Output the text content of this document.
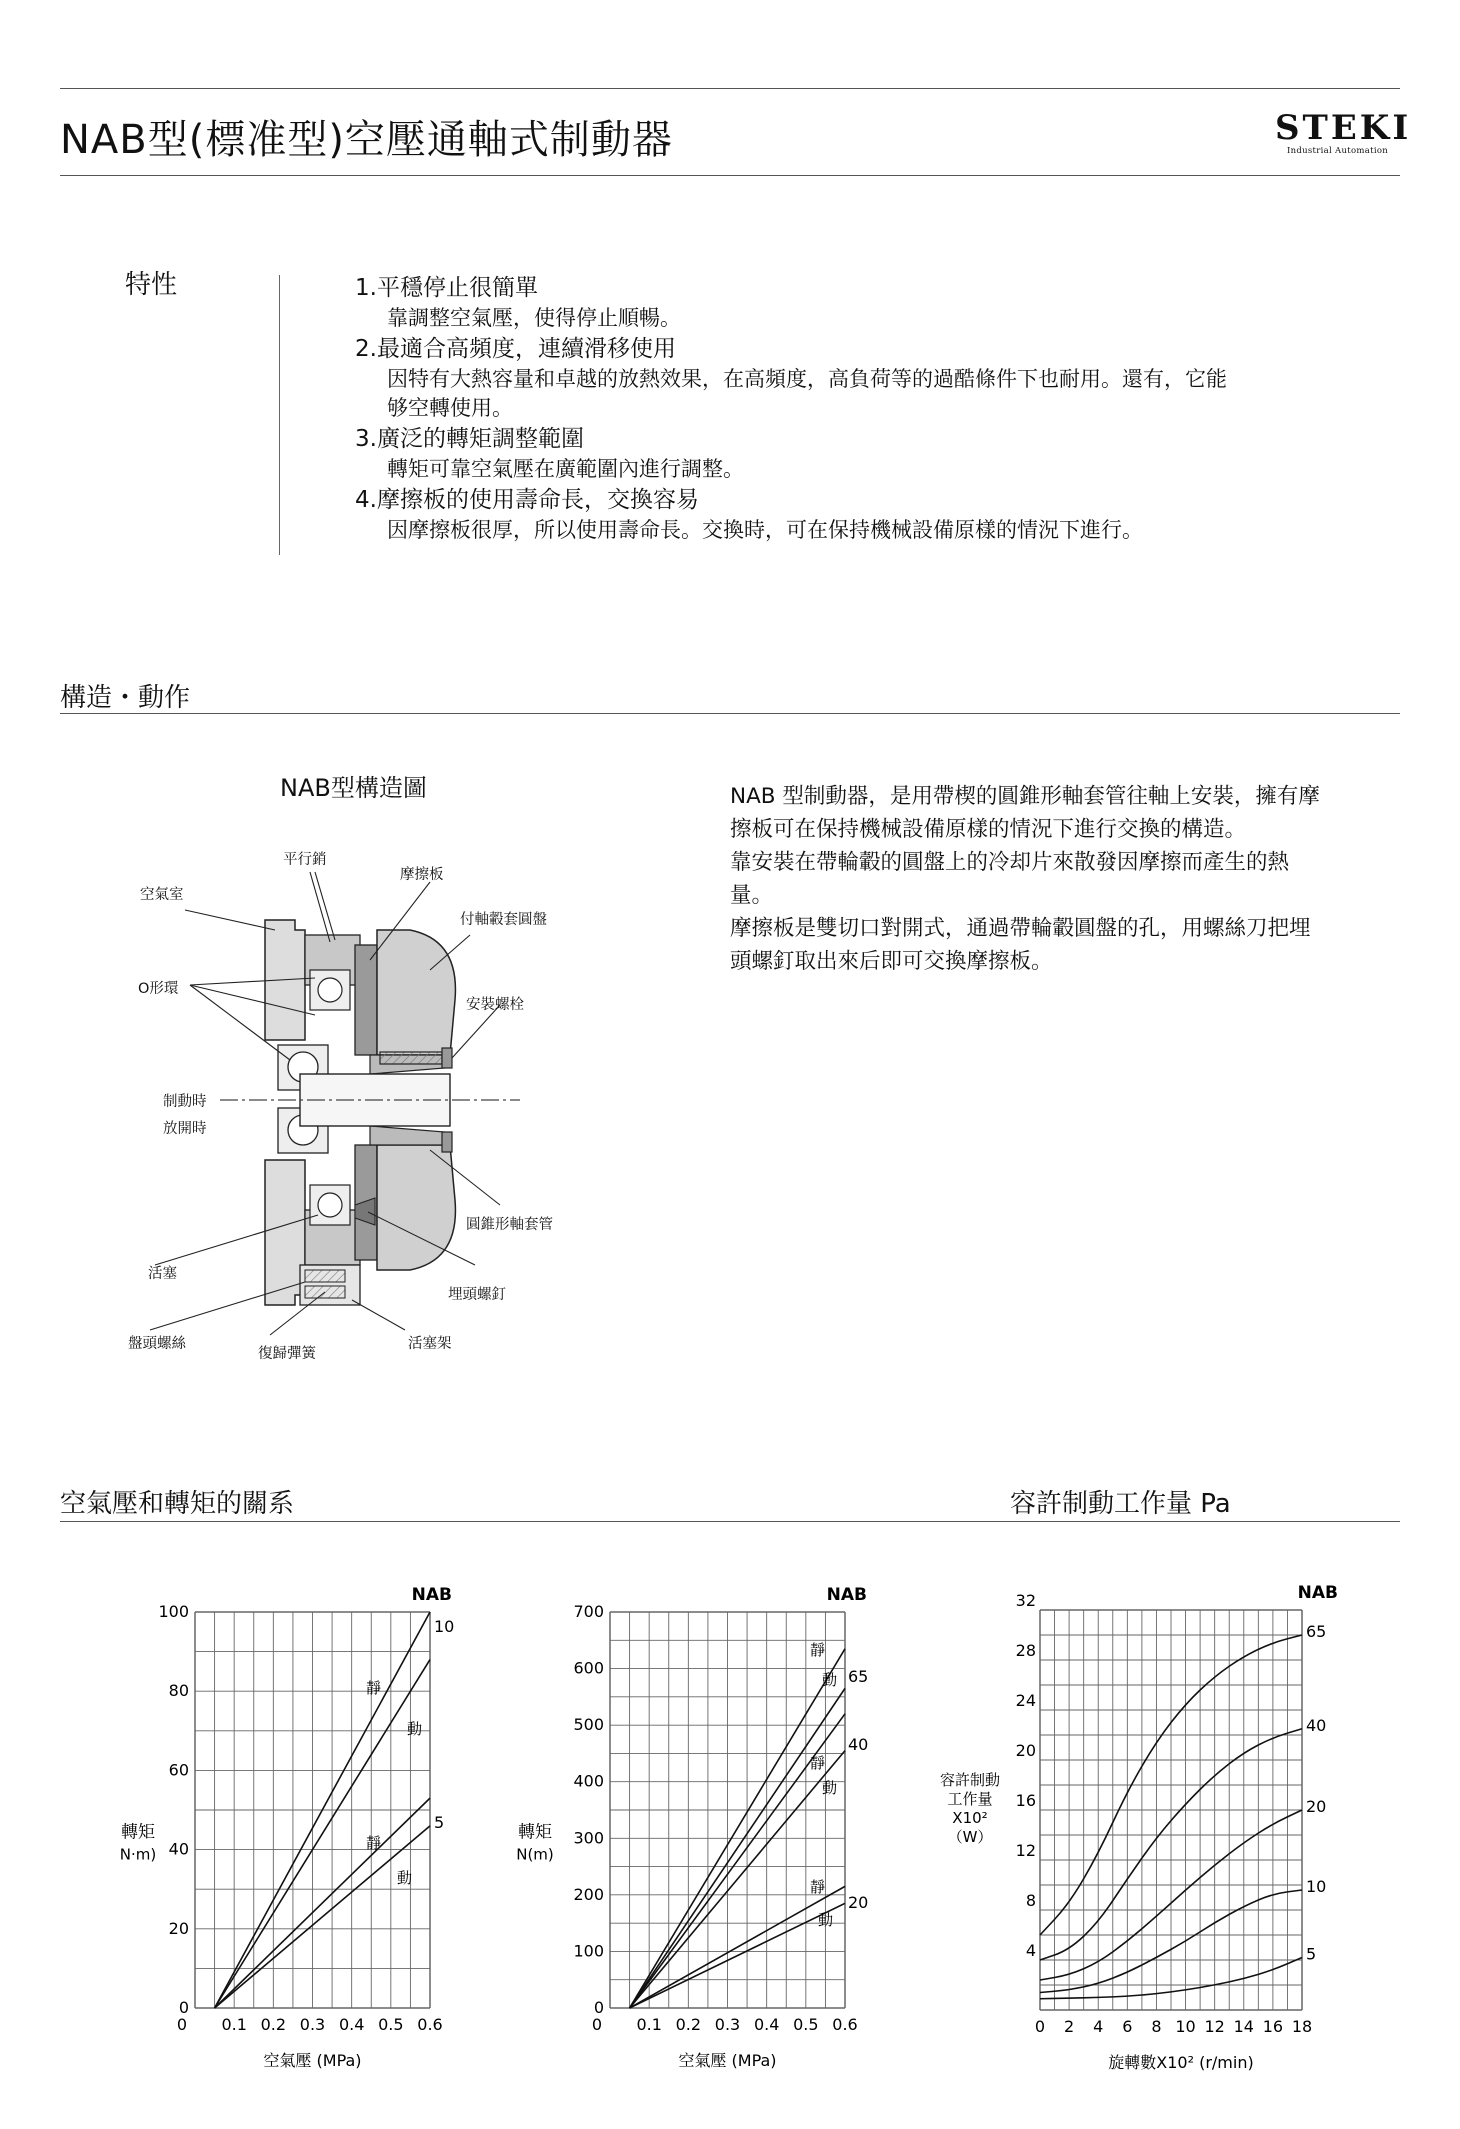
NAB型(標准型)空壓通軸式制動器	STEKI
Industrial Automation
特性	1.平穩停止很簡單
靠調整空氣壓，使得停止順暢。
2.最適合高頻度，連續滑移使用
因特有大熱容量和卓越的放熱效果，在高頻度，高負荷等的過酷條件下也耐用。還有，它能
够空轉使用。
3.廣泛的轉矩調整範圍
轉矩可靠空氣壓在廣範圍內進行調整。
4.摩擦板的使用壽命長，交換容易
因摩擦板很厚，所以使用壽命長。交換時，可在保持機械設備原樣的情況下進行。
構造・動作
NAB型構造圖
平行銷
摩擦板
空氣室
付軸轂套圓盤
O形環
安裝螺栓
制動時
放開時
圓錐形軸套管
活塞
埋頭螺釘
盤頭螺絲
復歸彈簧
活塞架

NAB 型制動器，是用帶楔的圓錐形軸套管往軸上安裝，擁有摩

擦板可在保持機械設備原樣的情況下進行交換的構造。

靠安裝在帶輪轂的圓盤上的冷却片來散發因摩擦而產生的熱

量。

摩擦板是雙切口對開式，通過帶輪轂圓盤的孔，用螺絲刀把埋

頭螺釘取出來后即可交換摩擦板。

空氣壓和轉矩的關系	容許制動工作量 Pa
0
20
40
60
80
100
0 0.1 0.2 0.3 0.4 0.5 0.6
空氣壓 (MPa)
轉矩
N·m)
NAB
10
5
靜
動
靜
動
0
100
200
300
400
500
600
700
0 0.1 0.2 0.3 0.4 0.5 0.6
空氣壓 (MPa)
轉矩
N(m)
NAB
65
40
20
靜
動
靜
動
靜
動
4
8
12
16
20
24
28
32
0 2 4 6 8 10 12 14 16 18
旋轉數X10² (r/min)
容許制動
工作量
X10²
（W）
NAB
65
40
20
10
5
